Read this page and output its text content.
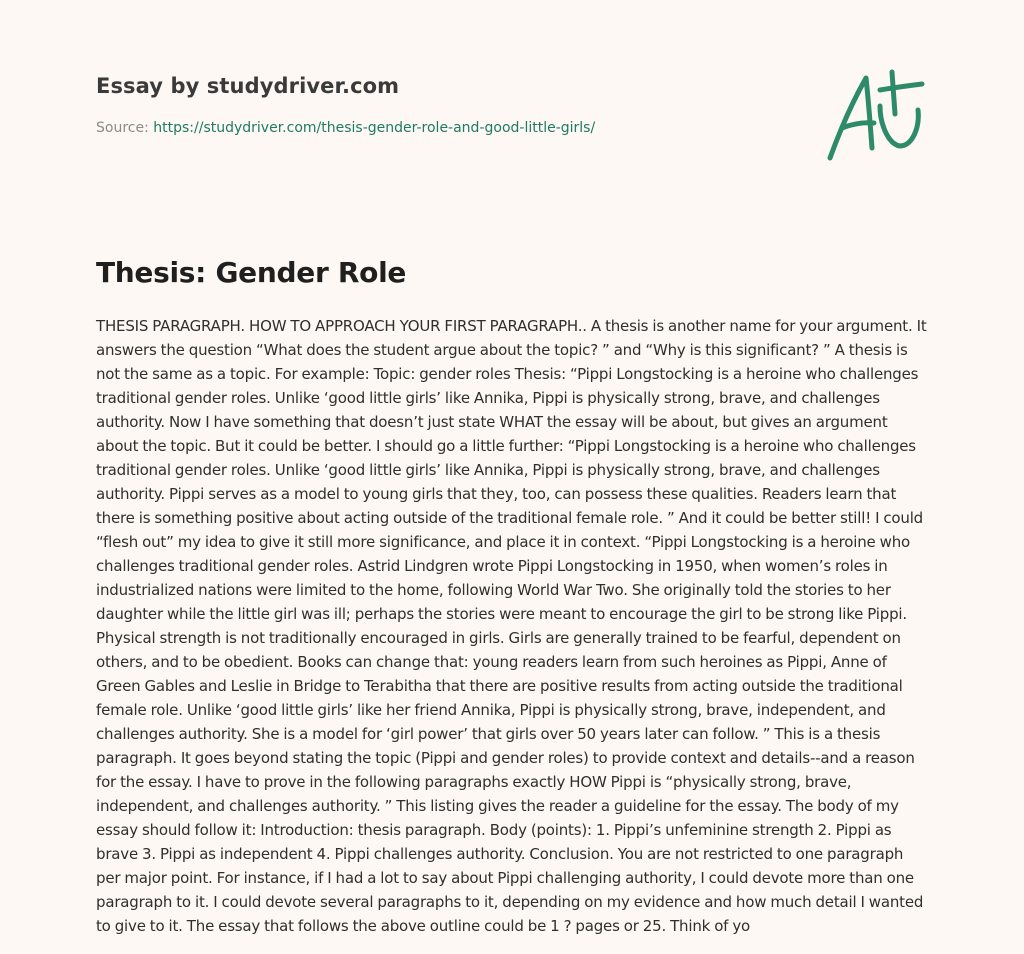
Essay by studydriver.com
Source: https://studydriver.com/thesis-gender-role-and-good-little-girls/
Thesis: Gender Role

THESIS PARAGRAPH. HOW TO APPROACH YOUR FIRST PARAGRAPH.. A thesis is another name for your argument. It answers the question “What does the student argue about the topic? ” and “Why is this significant? ” A thesis is not the same as a topic. For example: Topic: gender roles Thesis: “Pippi Longstocking is a heroine who challenges traditional gender roles. Unlike ‘good little girls’ like Annika, Pippi is physically strong, brave, and challenges authority. Now I have something that doesn’t just state WHAT the essay will be about, but gives an argument about the topic. But it could be better. I should go a little further: “Pippi Longstocking is a heroine who challenges traditional gender roles. Unlike ‘good little girls’ like Annika, Pippi is physically strong, brave, and challenges authority. Pippi serves as a model to young girls that they, too, can possess these qualities. Readers learn that there is something positive about acting outside of the traditional female role. ” And it could be better still! I could “flesh out” my idea to give it still more significance, and place it in context. “Pippi Longstocking is a heroine who challenges traditional gender roles. Astrid Lindgren wrote Pippi Longstocking in 1950, when women’s roles in industrialized nations were limited to the home, following World War Two. She originally told the stories to her daughter while the little girl was ill; perhaps the stories were meant to encourage the girl to be strong like Pippi. Physical strength is not traditionally encouraged in girls. Girls are generally trained to be fearful, dependent on others, and to be obedient. Books can change that: young readers learn from such heroines as Pippi, Anne of Green Gables and Leslie in Bridge to Terabitha that there are positive results from acting outside the traditional female role. Unlike ‘good little girls’ like her friend Annika, Pippi is physically strong, brave, independent, and challenges authority. She is a model for ‘girl power’ that girls over 50 years later can follow. ” This is a thesis paragraph. It goes beyond stating the topic (Pippi and gender roles) to provide context and details--and a reason for the essay. I have to prove in the following paragraphs exactly HOW Pippi is “physically strong, brave, independent, and challenges authority. ” This listing gives the reader a guideline for the essay. The body of my essay should follow it: Introduction: thesis paragraph. Body (points): 1. Pippi’s unfeminine strength 2. Pippi as brave 3. Pippi as independent 4. Pippi challenges authority. Conclusion. You are not restricted to one paragraph per major point. For instance, if I had a lot to say about Pippi challenging authority, I could devote more than one paragraph to it. I could devote several paragraphs to it, depending on my evidence and how much detail I wanted to give to it. The essay that follows the above outline could be 1 ? pages or 25. Think of yo
